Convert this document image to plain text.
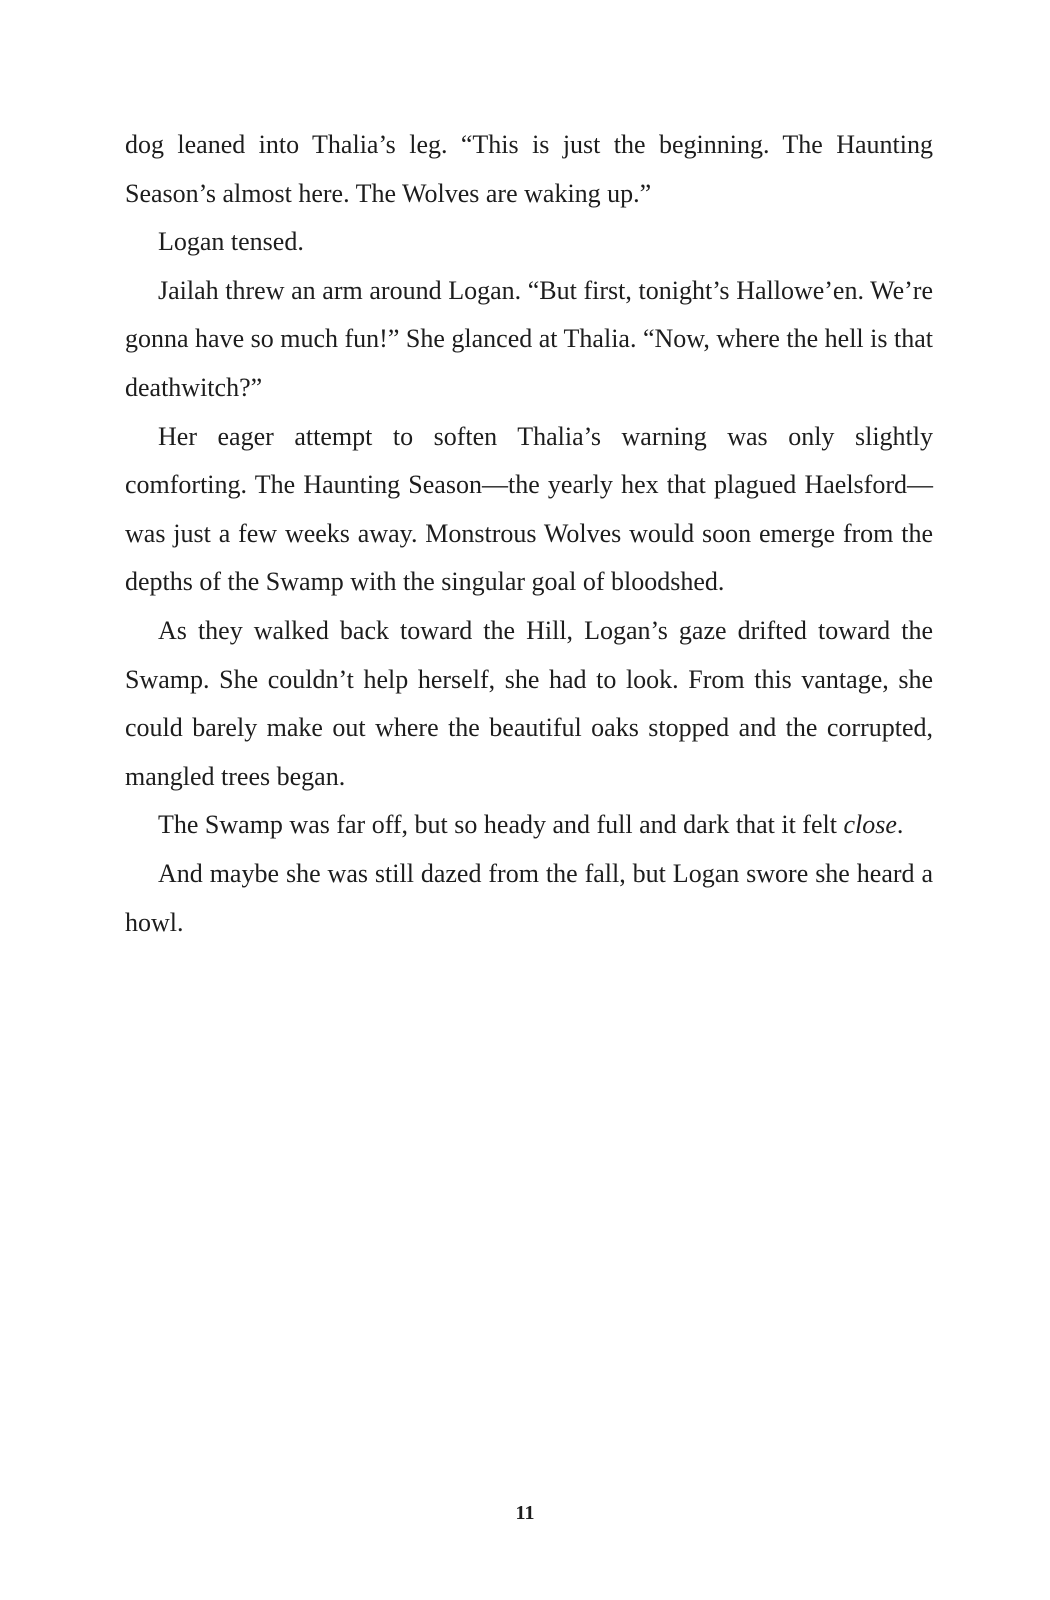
dog leaned into Thalia’s leg. “This is just the beginning. The Haunting Season’s almost here. The Wolves are waking up.”

Logan tensed.

Jailah threw an arm around Logan. “But first, tonight’s Hallowe’en. We’re gonna have so much fun!” She glanced at Thalia. “Now, where the hell is that deathwitch?”

Her eager attempt to soften Thalia’s warning was only slightly comforting. The Haunting Season—the yearly hex that plagued Haelsford—was just a few weeks away. Monstrous Wolves would soon emerge from the depths of the Swamp with the singular goal of bloodshed.

As they walked back toward the Hill, Logan’s gaze drifted toward the Swamp. She couldn’t help herself, she had to look. From this vantage, she could barely make out where the beautiful oaks stopped and the corrupted, mangled trees began.

The Swamp was far off, but so heady and full and dark that it felt close.

And maybe she was still dazed from the fall, but Logan swore she heard a howl.

11
